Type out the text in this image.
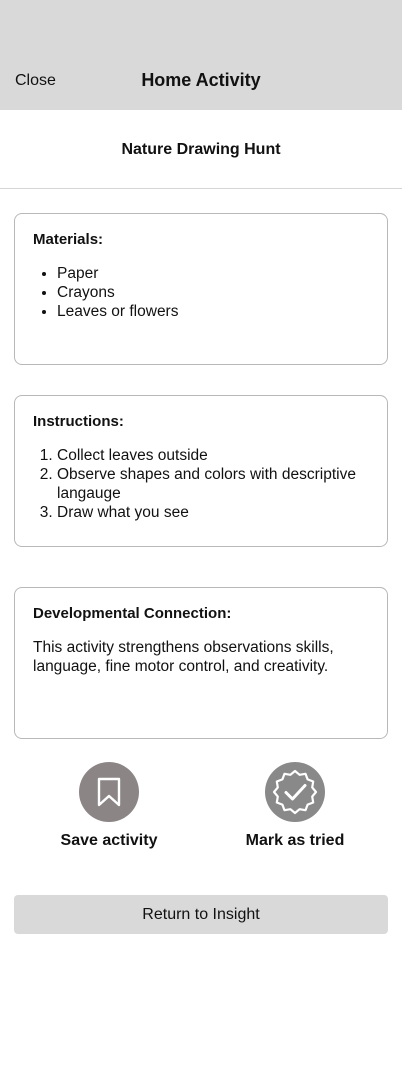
Close	Home Activity
Nature Drawing Hunt
Materials:
• Paper
• Crayons
• Leaves or flowers
Instructions:
1. Collect leaves outside
2. Observe shapes and colors with descriptive langauge
3. Draw what you see
Developmental Connection:

This activity strengthens observations skills, language, fine motor control, and creativity.

Save activity	Mark as tried
Return to Insight
